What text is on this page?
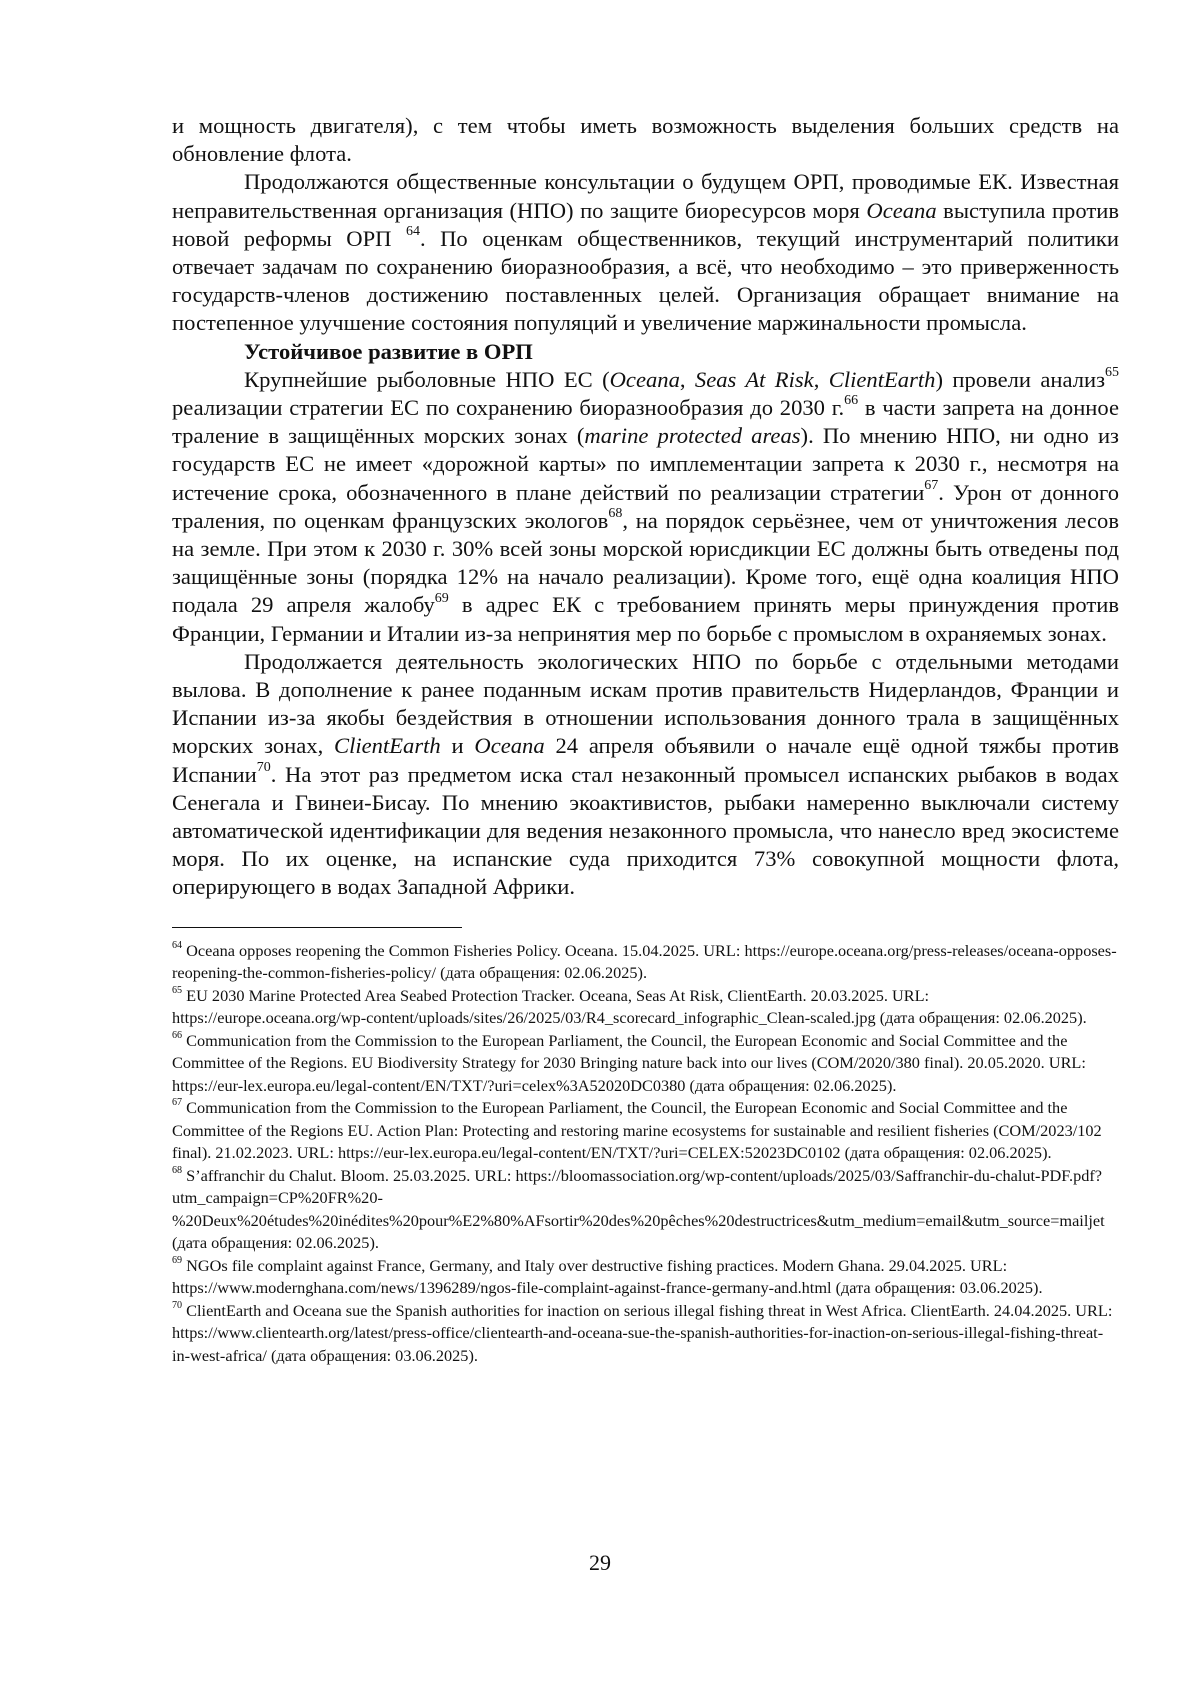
и мощность двигателя), с тем чтобы иметь возможность выделения больших средств на обновление флота.

Продолжаются общественные консультации о будущем ОРП, проводимые ЕК. Известная неправительственная организация (НПО) по защите биоресурсов моря Oceana выступила против новой реформы ОРП $^{64}$. По оценкам общественников, текущий инструментарий политики отвечает задачам по сохранению биоразнообразия, а всё, что необходимо – это приверженность государств-членов достижению поставленных целей. Организация обращает внимание на постепенное улучшение состояния популяций и увеличение маржинальности промысла.

Устойчивое развитие в ОРП

Крупнейшие рыболовные НПО ЕС (Oceana, Seas At Risk, ClientEarth) провели анализ$^{65}$ реализации стратегии ЕС по сохранению биоразнообразия до 2030 г.$^{66}$ в части запрета на донное траление в защищённых морских зонах (marine protected areas). По мнению НПО, ни одно из государств ЕС не имеет «дорожной карты» по имплементации запрета к 2030 г., несмотря на истечение срока, обозначенного в плане действий по реализации стратегии$^{67}$. Урон от донного траления, по оценкам французских экологов$^{68}$, на порядок серьёзнее, чем от уничтожения лесов на земле. При этом к 2030 г. 30% всей зоны морской юрисдикции ЕС должны быть отведены под защищённые зоны (порядка 12% на начало реализации). Кроме того, ещё одна коалиция НПО подала 29 апреля жалобу$^{69}$ в адрес ЕК с требованием принять меры принуждения против Франции, Германии и Италии из-за непринятия мер по борьбе с промыслом в охраняемых зонах.

Продолжается деятельность экологических НПО по борьбе с отдельными методами вылова. В дополнение к ранее поданным искам против правительств Нидерландов, Франции и Испании из-за якобы бездействия в отношении использования донного трала в защищённых морских зонах, ClientEarth и Oceana 24 апреля объявили о начале ещё одной тяжбы против Испании$^{70}$. На этот раз предметом иска стал незаконный промысел испанских рыбаков в водах Сенегала и Гвинеи-Бисау. По мнению экоактивистов, рыбаки намеренно выключали систему автоматической идентификации для ведения незаконного промысла, что нанесло вред экосистеме моря. По их оценке, на испанские суда приходится 73% совокупной мощности флота, оперирующего в водах Западной Африки.

$^{64}$ Oceana opposes reopening the Common Fisheries Policy. Oceana. 15.04.2025. URL: https://europe.oceana.org/press-releases/oceana-opposes-reopening-the-common-fisheries-policy/ (дата обращения: 02.06.2025).

$^{65}$ EU 2030 Marine Protected Area Seabed Protection Tracker. Oceana, Seas At Risk, ClientEarth. 20.03.2025. URL: https://europe.oceana.org/wp-content/uploads/sites/26/2025/03/R4_scorecard_infographic_Clean-scaled.jpg (дата обращения: 02.06.2025).

$^{66}$ Communication from the Commission to the European Parliament, the Council, the European Economic and Social Committee and the Committee of the Regions. EU Biodiversity Strategy for 2030 Bringing nature back into our lives (COM/2020/380 final). 20.05.2020. URL: https://eur-lex.europa.eu/legal-content/EN/TXT/?uri=celex%3A52020DC0380 (дата обращения: 02.06.2025).

$^{67}$ Communication from the Commission to the European Parliament, the Council, the European Economic and Social Committee and the Committee of the Regions EU. Action Plan: Protecting and restoring marine ecosystems for sustainable and resilient fisheries (COM/2023/102 final). 21.02.2023. URL: https://eur-lex.europa.eu/legal-content/EN/TXT/?uri=CELEX:52023DC0102 (дата обращения: 02.06.2025).

$^{68}$ S’affranchir du Chalut. Bloom. 25.03.2025. URL: https://bloomassociation.org/wp-content/uploads/2025/03/Saffranchir-du-chalut-PDF.pdf?utm_campaign=CP%20FR%20-%20Deux%20études%20inédites%20pour%E2%80%AFsortir%20des%20pêches%20destructrices&utm_medium=email&utm_source=mailjet (дата обращения: 02.06.2025).

$^{69}$ NGOs file complaint against France, Germany, and Italy over destructive fishing practices. Modern Ghana. 29.04.2025. URL: https://www.modernghana.com/news/1396289/ngos-file-complaint-against-france-germany-and.html (дата обращения: 03.06.2025).

$^{70}$ ClientEarth and Oceana sue the Spanish authorities for inaction on serious illegal fishing threat in West Africa. ClientEarth. 24.04.2025. URL: https://www.clientearth.org/latest/press-office/clientearth-and-oceana-sue-the-spanish-authorities-for-inaction-on-serious-illegal-fishing-threat-in-west-africa/ (дата обращения: 03.06.2025).

29
